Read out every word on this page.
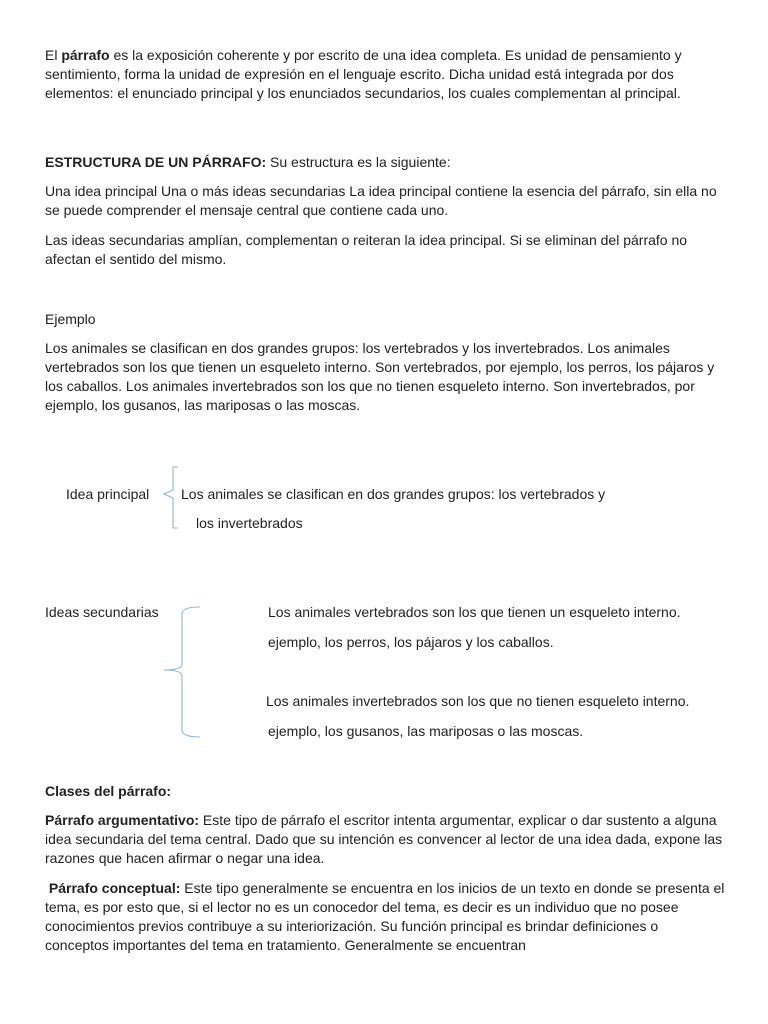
El párrafo es la exposición coherente y por escrito de una idea completa. Es unidad de pensamiento y sentimiento, forma la unidad de expresión en el lenguaje escrito. Dicha unidad está integrada por dos elementos: el enunciado principal y los enunciados secundarios, los cuales complementan al principal.

ESTRUCTURA DE UN PÁRRAFO: Su estructura es la siguiente:

Una idea principal Una o más ideas secundarias La idea principal contiene la esencia del párrafo, sin ella no se puede comprender el mensaje central que contiene cada uno.

Las ideas secundarias amplían, complementan o reiteran la idea principal. Si se eliminan del párrafo no afectan el sentido del mismo.

Ejemplo

Los animales se clasifican en dos grandes grupos: los vertebrados y los invertebrados. Los animales vertebrados son los que tienen un esqueleto interno. Son vertebrados, por ejemplo, los perros, los pájaros y los caballos. Los animales invertebrados son los que no tienen esqueleto interno. Son invertebrados, por ejemplo, los gusanos, las mariposas o las moscas.

Idea principal Los animales se clasifican en dos grandes grupos: los vertebrados y
los invertebrados
Ideas secundarias	Los animales vertebrados son los que tienen un esqueleto interno.
ejemplo, los perros, los pájaros y los caballos.
Los animales invertebrados son los que no tienen esqueleto interno.
ejemplo, los gusanos, las mariposas o las moscas.

Clases del párrafo:

Párrafo argumentativo: Este tipo de párrafo el escritor intenta argumentar, explicar o dar sustento a alguna idea secundaria del tema central. Dado que su intención es convencer al lector de una idea dada, expone las razones que hacen afirmar o negar una idea.

Párrafo conceptual: Este tipo generalmente se encuentra en los inicios de un texto en donde se presenta el tema, es por esto que, si el lector no es un conocedor del tema, es decir es un individuo que no posee conocimientos previos contribuye a su interiorización. Su función principal es brindar definiciones o conceptos importantes del tema en tratamiento. Generalmente se encuentran
